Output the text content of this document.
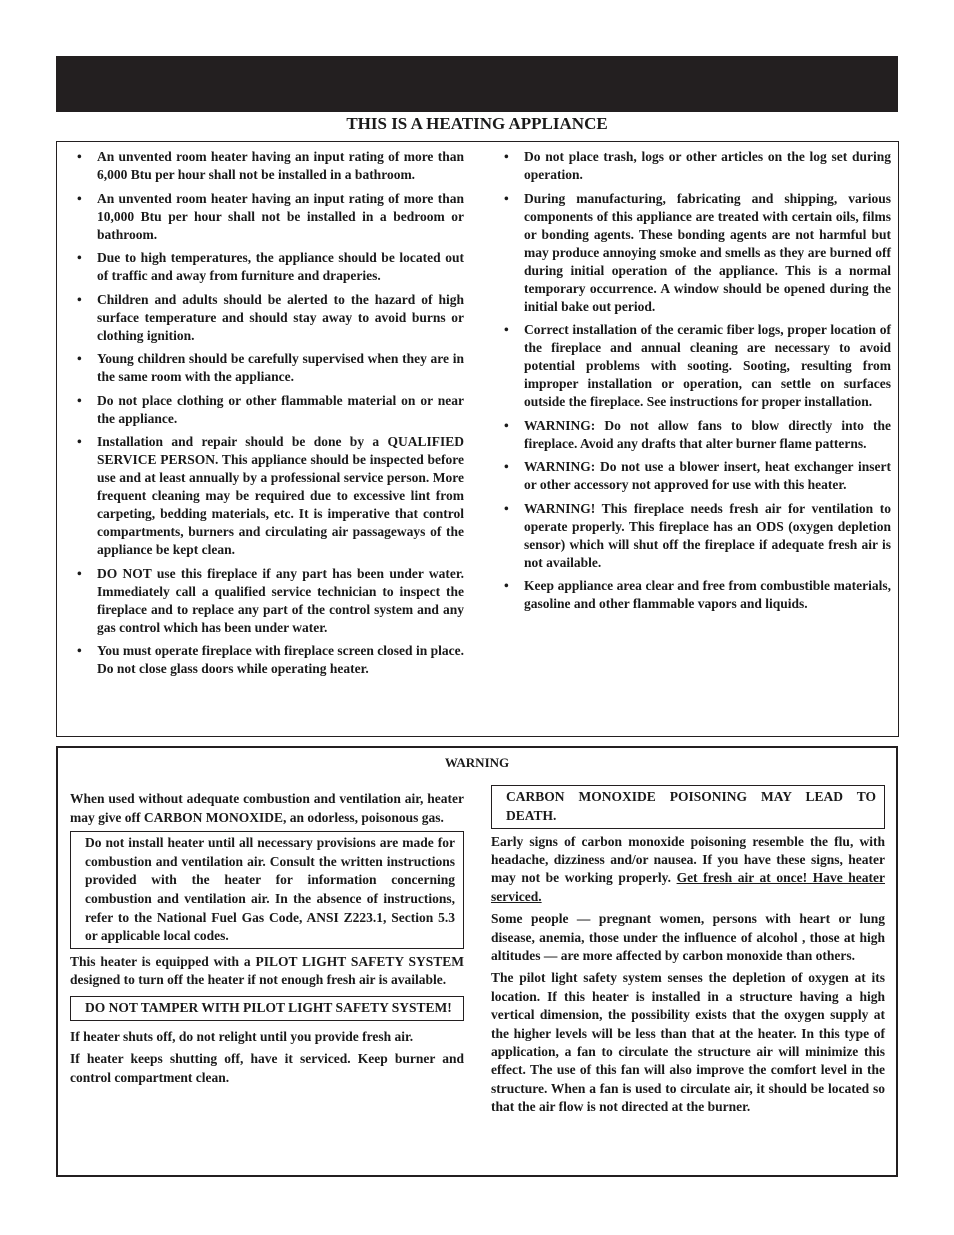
THIS IS A HEATING APPLIANCE
• An unvented room heater having an input rating of more than 6,000 Btu per hour shall not be installed in a bathroom.
• An unvented room heater having an input rating of more than 10,000 Btu per hour shall not be installed in a bedroom or bathroom.
• Due to high temperatures, the appliance should be located out of traffic and away from furniture and draperies.
• Children and adults should be alerted to the hazard of high surface temperature and should stay away to avoid burns or clothing ignition.
• Young children should be carefully supervised when they are in the same room with the appliance.
• Do not place clothing or other flammable material on or near the appliance.
• Installation and repair should be done by a QUALIFIED SERVICE PERSON. This appliance should be inspected before use and at least annually by a professional service person. More frequent cleaning may be required due to excessive lint from carpeting, bedding materials, etc. It is imperative that control compartments, burners and circulating air passageways of the appliance be kept clean.
• DO NOT use this fireplace if any part has been under water. Immediately call a qualified service technician to inspect the fireplace and to replace any part of the control system and any gas control which has been under water.
• You must operate fireplace with fireplace screen closed in place. Do not close glass doors while operating heater.
• Do not place trash, logs or other articles on the log set during operation.
• During manufacturing, fabricating and shipping, various components of this appliance are treated with certain oils, films or bonding agents. These bonding agents are not harmful but may produce annoying smoke and smells as they are burned off during initial operation of the appliance. This is a normal temporary occurrence. A window should be opened during the initial bake out period.
• Correct installation of the ceramic fiber logs, proper location of the fireplace and annual cleaning are necessary to avoid potential problems with sooting. Sooting, resulting from improper installation or operation, can settle on surfaces outside the fireplace. See instructions for proper installation.
• WARNING: Do not allow fans to blow directly into the fireplace. Avoid any drafts that alter burner flame patterns.
• WARNING: Do not use a blower insert, heat exchanger insert or other accessory not approved for use with this heater.
• WARNING! This fireplace needs fresh air for ventilation to operate properly. This fireplace has an ODS (oxygen depletion sensor) which will shut off the fireplace if adequate fresh air is not available.
• Keep appliance area clear and free from combustible materials, gasoline and other flammable vapors and liquids.
WARNING
When used without adequate combustion and ventilation air, heater may give off CARBON MONOXIDE, an odorless, poisonous gas.
Do not install heater until all necessary provisions are made for combustion and ventilation air. Consult the written instructions provided with the heater for information concerning combustion and ventilation air. In the absence of instructions, refer to the National Fuel Gas Code, ANSI Z223.1, Section 5.3 or applicable local codes.
This heater is equipped with a PILOT LIGHT SAFETY SYSTEM designed to turn off the heater if not enough fresh air is available.
DO NOT TAMPER WITH PILOT LIGHT SAFETY SYSTEM!
If heater shuts off, do not relight until you provide fresh air.
If heater keeps shutting off, have it serviced. Keep burner and control compartment clean.
CARBON MONOXIDE POISONING MAY LEAD TO DEATH.
Early signs of carbon monoxide poisoning resemble the flu, with headache, dizziness and/or nausea. If you have these signs, heater may not be working properly. Get fresh air at once! Have heater serviced.
Some people — pregnant women, persons with heart or lung disease, anemia, those under the influence of alcohol , those at high altitudes — are more affected by carbon monoxide than others.
The pilot light safety system senses the depletion of oxygen at its location. If this heater is installed in a structure having a high vertical dimension, the possibility exists that the oxygen supply at the higher levels will be less than that at the heater. In this type of application, a fan to circulate the structure air will minimize this effect. The use of this fan will also improve the comfort level in the structure. When a fan is used to circulate air, it should be located so that the air flow is not directed at the burner.
